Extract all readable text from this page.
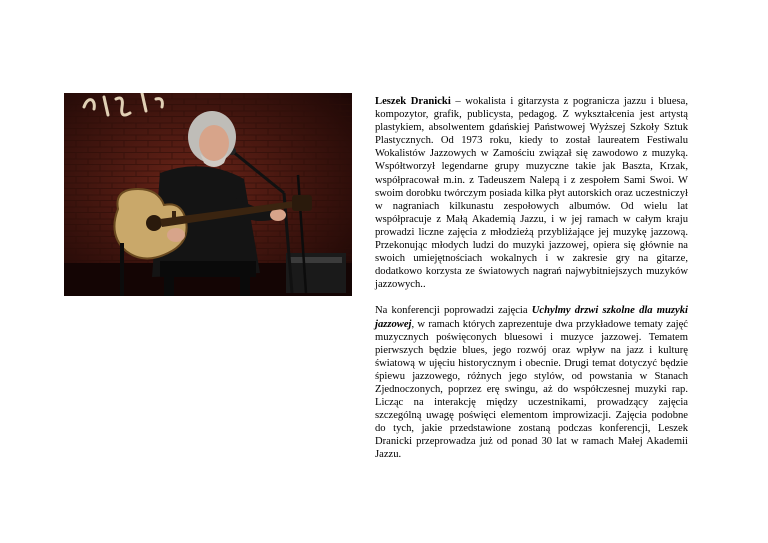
Leszek Dranicki – wokalista i gitarzysta z pogranicza jazzu i bluesa, kompozytor, grafik, publicysta, pedagog. Z wykształcenia jest artystą plastykiem, absolwentem gdańskiej Państwowej Wyższej Szkoły Sztuk Plastycznych. Od 1973 roku, kiedy to został laureatem Festiwalu Wokalistów Jazzowych w Zamościu związał się zawodowo z muzyką. Współtworzył legendarne grupy muzyczne takie jak Baszta, Krzak, współpracował m.in. z Tadeuszem Nalepą i z zespołem Sami Swoi. W swoim dorobku twórczym posiada kilka płyt autorskich oraz uczestniczył w nagraniach kilkunastu zespołowych albumów. Od wielu lat współpracuje z Małą Akademią Jazzu, i w jej ramach w całym kraju prowadzi liczne zajęcia z młodzieżą przybliżające jej muzykę jazzową. Przekonując młodych ludzi do muzyki jazzowej, opiera się głównie na swoich umiejętnościach wokalnych i w zakresie gry na gitarze, dodatkowo korzysta ze światowych nagrań najwybitniejszych muzyków jazzowych..

Na konferencji poprowadzi zajęcia Uchylmy drzwi szkolne dla muzyki jazzowej, w ramach których zaprezentuje dwa przykładowe tematy zajęć muzycznych poświęconych bluesowi i muzyce jazzowej. Tematem pierwszych będzie blues, jego rozwój oraz wpływ na jazz i kulturę światową w ujęciu historycznym i obecnie. Drugi temat dotyczyć będzie śpiewu jazzowego, różnych jego stylów, od powstania w Stanach Zjednoczonych, poprzez erę swingu, aż do współczesnej muzyki rap. Licząc na interakcję między uczestnikami, prowadzący zajęcia szczególną uwagę poświęci elementom improwizacji. Zajęcia podobne do tych, jakie przedstawione zostaną podczas konferencji, Leszek Dranicki przeprowadza już od ponad 30 lat w ramach Małej Akademii Jazzu.
